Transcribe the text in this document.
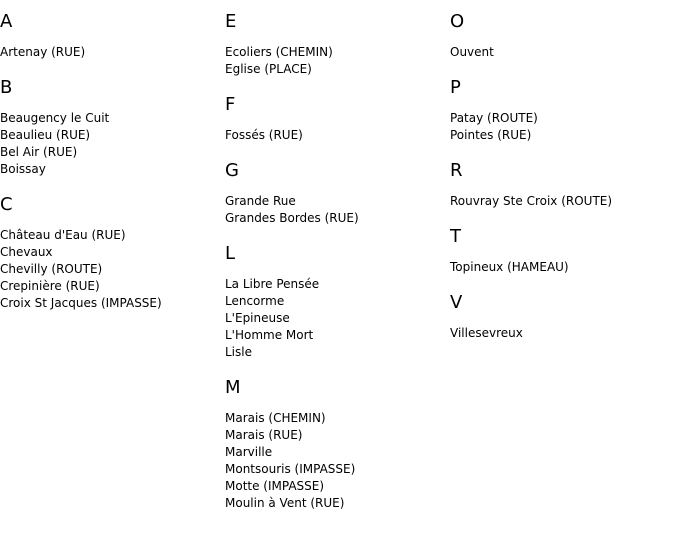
A
Artenay (RUE)
B
Beaugency le Cuit
Beaulieu (RUE)
Bel Air (RUE)
Boissay
C
Château d'Eau (RUE)
Chevaux
Chevilly (ROUTE)
Crepinière (RUE)
Croix St Jacques (IMPASSE)
E
Ecoliers (CHEMIN)
Eglise (PLACE)
F
Fossés (RUE)
G
Grande Rue
Grandes Bordes (RUE)
L
La Libre Pensée
Lencorme
L'Epineuse
L'Homme Mort
Lisle
M
Marais (CHEMIN)
Marais (RUE)
Marville
Montsouris (IMPASSE)
Motte (IMPASSE)
Moulin à Vent (RUE)
O
Ouvent
P
Patay (ROUTE)
Pointes (RUE)
R
Rouvray Ste Croix (ROUTE)
T
Topineux (HAMEAU)
V
Villesevreux
